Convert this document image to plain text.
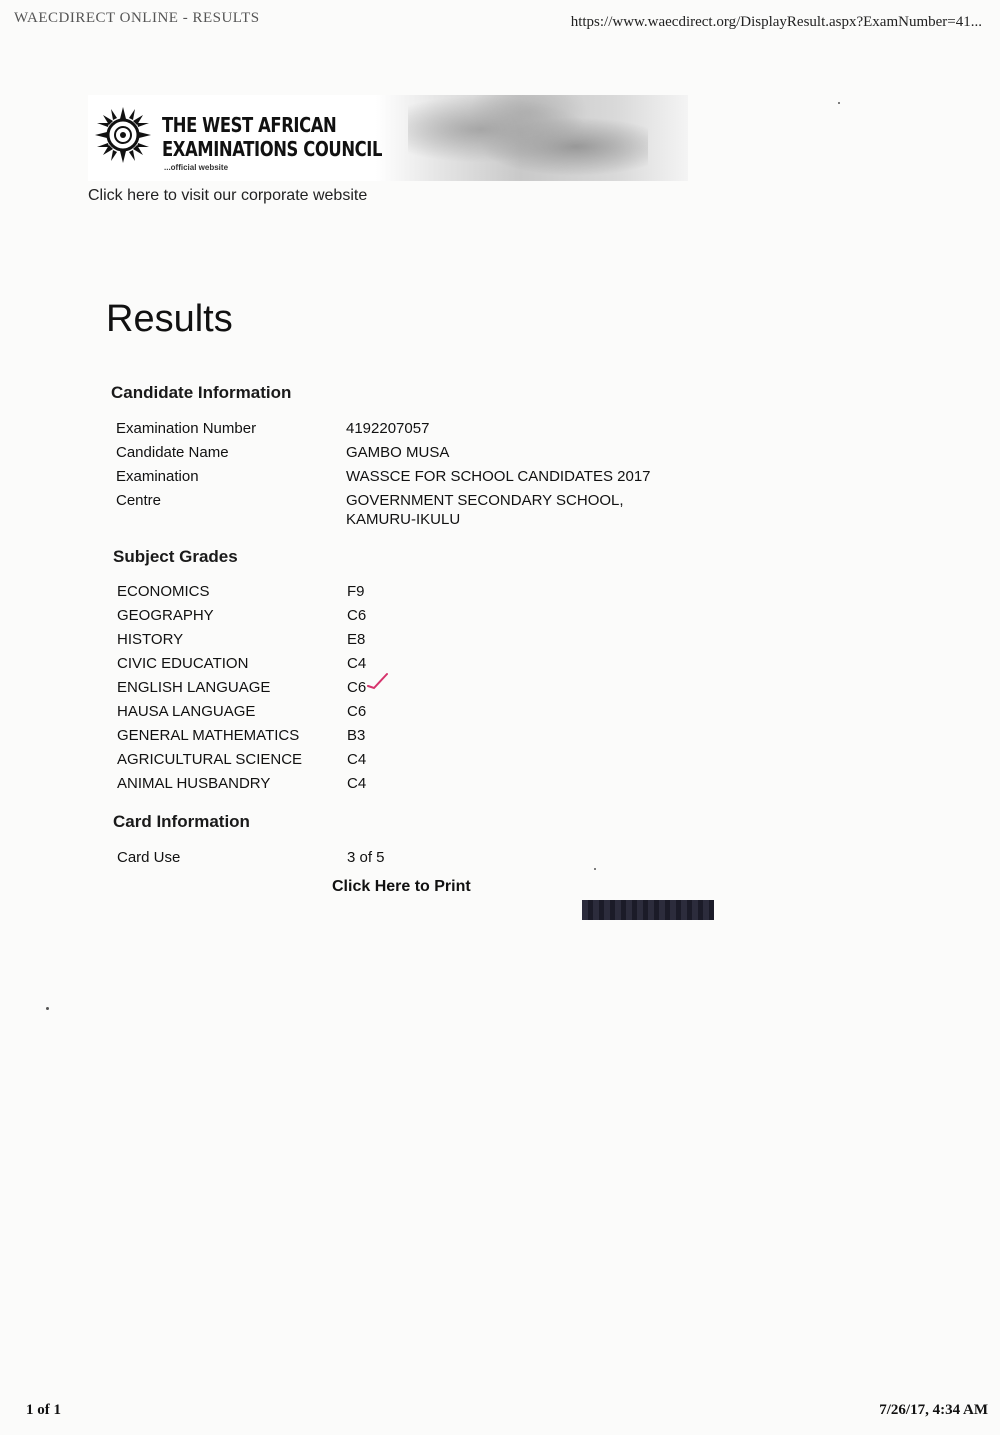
WAECDIRECT ONLINE - RESULTS	https://www.waecdirect.org/DisplayResult.aspx?ExamNumber=41...
THE WEST AFRICAN
EXAMINATIONS COUNCIL
...official website
Click here to visit our corporate website
Results
Candidate Information
Examination Number	4192207057
Candidate Name	GAMBO MUSA
Examination	WASSCE FOR SCHOOL CANDIDATES 2017
Centre	GOVERNMENT SECONDARY SCHOOL,
KAMURU-IKULU
Subject Grades
ECONOMICS	F9
GEOGRAPHY	C6
HISTORY	E8
CIVIC EDUCATION	C4
ENGLISH LANGUAGE	C6
HAUSA LANGUAGE	C6
GENERAL MATHEMATICS	B3
AGRICULTURAL SCIENCE	C4
ANIMAL HUSBANDRY	C4
Card Information
Card Use	3 of 5
Click Here to Print
1 of 1	7/26/17, 4:34 AM
